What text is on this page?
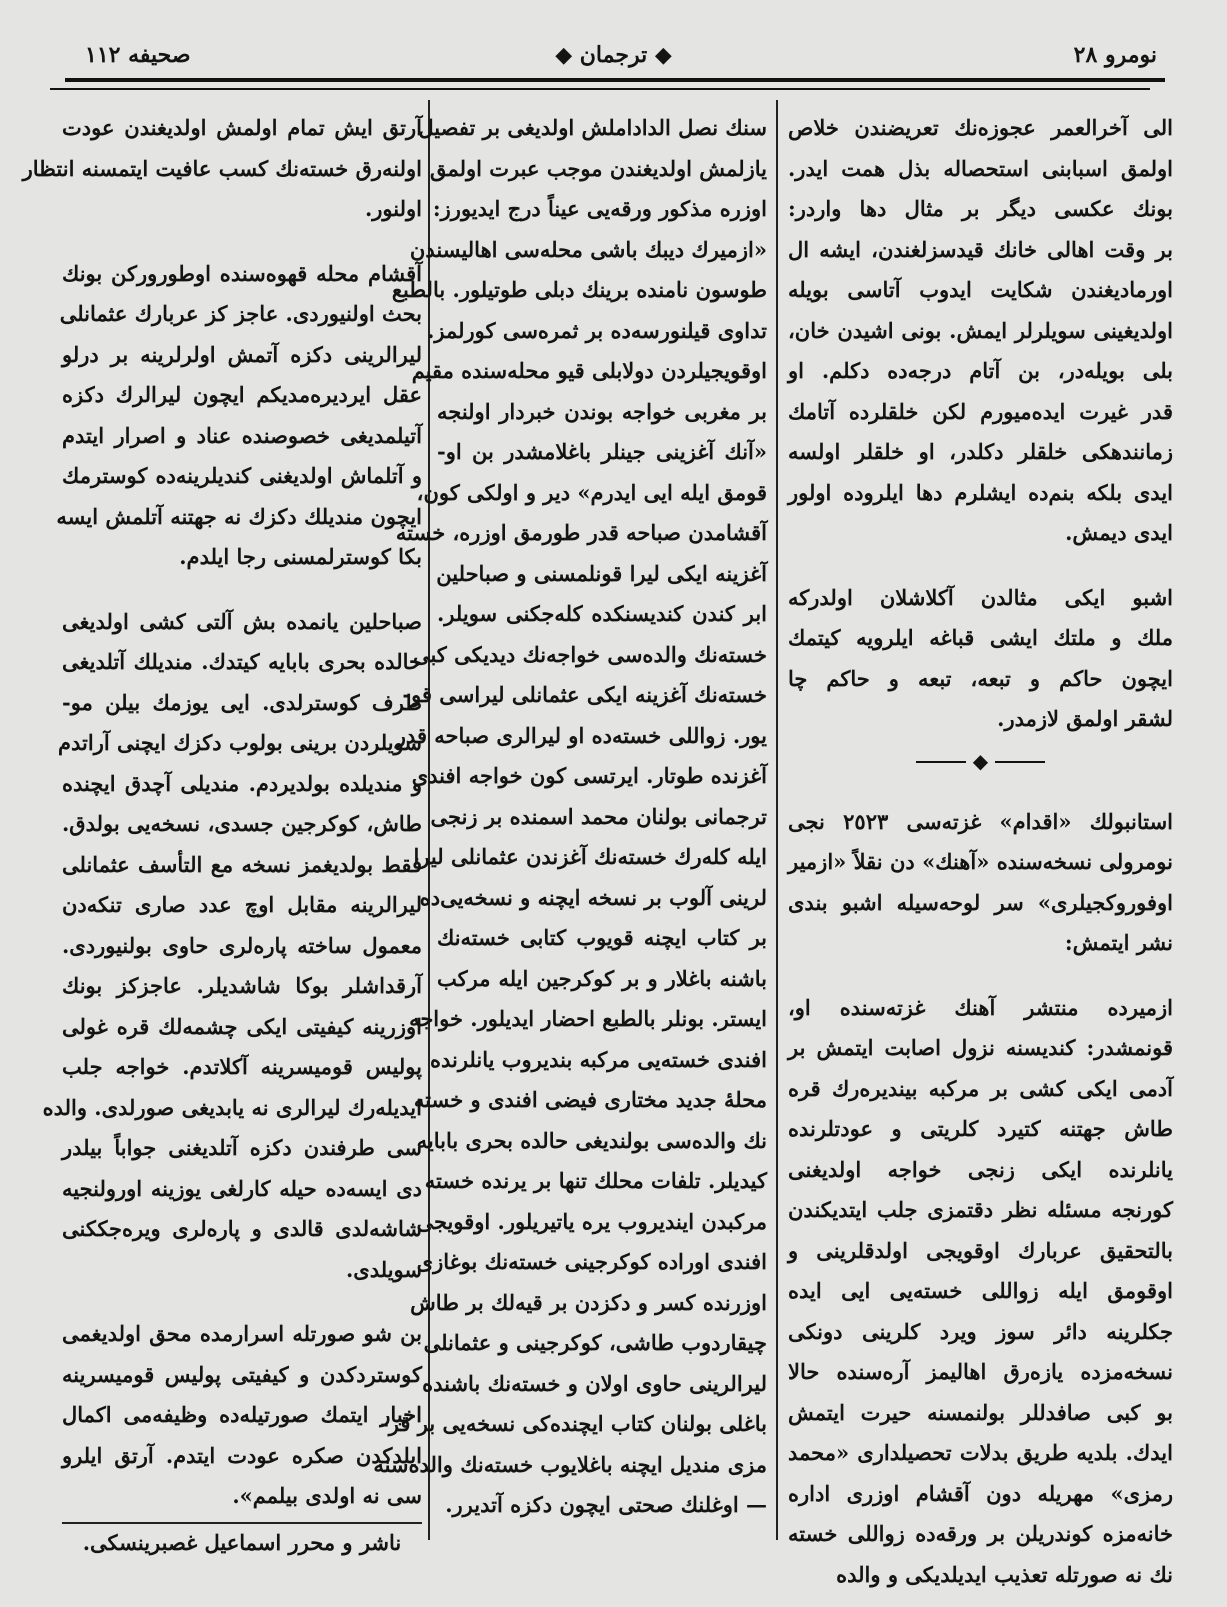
نومرو ٢٨
◆ ترجمان ◆
صحيفه ١١٢
الى آخرالعمر عجوزه‌نك تعريضندن خلاص
اولمق اسبابنى استحصاله بذل همت ايدر.
بونك عكسى ديگر بر مثال دها واردر:
بر وقت اهالى خانك قيدسزلغندن، ايشه ال
اورمادیغندن شكايت ايدوب آتاسى بويله
اولديغينى سويلرلر ايمش. بونى اشيدن خان،
بلى بويله‌در، بن آتام درجه‌ده دكلم. او
قدر غيرت ايده‌ميورم لكن خلقلرده آتامك
زمانندهكى خلقلر دكلدر، او خلقلر اولسه
ايدى بلكه بنم‌ده ايشلرم دها ايلروده اولور
ايدى ديمش.
اشبو ايكى مثالدن آكلاشلان اولدركه
ملك و ملتك ايشى قباغه ايلرويه كيتمك
ايچون حاكم و تبعه، تبعه و حاكم چا
لشقر اولمق لازمدر.
◆
استانبولك «اقدام» غزته‌سى ٢٥٢٣ نجى
نومرولى نسخه‌سنده «آهنك» دن نقلاً «ازمير
اوفوروكجيلرى» سر لوحه‌سيله اشبو بندى
نشر ايتمش:
ازميرده منتشر آهنك غزته‌سنده او،
قونمشدر: كنديسنه نزول اصابت ايتمش بر
آدمى ايكى كشى بر مركبه بينديره‌رك قره
طاش جهتنه كتيرد كلريتى و عودتلرنده
يانلرنده ايكى زنجى خواجه اولديغنى
كورنجه مسئله نظر دقتمزى جلب ايتديكندن
بالتحقيق عربارك اوقويجى اولدقلرينى و
اوقومق ايله زواللى خسته‌يى ايى ايده
جكلرينه دائر سوز ويرد كلرينى دونكى
نسخه‌مزده يازه‌رق اهاليمز آره‌سنده حالا
بو كبى صافدللر بولنمسنه حيرت ايتمش
ايدك. بلديه طريق بدلات تحصيلدارى «محمد
رمزى» مهريله دون آقشام اوزرى اداره
خانه‌مزه كوندريلن بر ورقه‌ده زواللى خسته
نك نه صورتله تعذيب ايديلديكى و والده
سنك نصل الداداملش اولديغى بر تفصيل
يازلمش اولديغندن موجب عبرت اولمق
اوزره مذكور ورقه‌يى عيناً درج ايديورز:
«ازميرك ديبك باشى محله‌سى اهاليسندن
طوسون نامنده برينك دبلى طوتيلور. بالطبع
تداوى قيلنورسه‌ده بر ثمره‌سى كورلمز.
اوقويجيلردن دولابلى قيو محله‌سنده مقيم
بر مغربى خواجه بوندن خبردار اولنجه
«آنك آغزينى جينلر باغلامشدر بن او-
قومق ايله ايى ايدرم» دير و اولكى كون،
آقشامدن صباحه قدر طورمق اوزره، خسته
آغزينه ايكى ليرا قونلمسنى و صباحلين
ابر كندن كنديسنكده كله‌جكنى سويلر.
خسته‌نك والده‌سى خواجه‌نك ديديكى كبى
خسته‌نك آغزينه ايكى عثمانلى ليراسى قو-
يور. زواللى خسته‌ده او ليرالرى صباحه قدر
آغزنده طوتار. ايرتسى كون خواجه افندى
ترجمانى بولنان محمد اسمنده بر زنجى
ايله كله‌رك خسته‌نك آغزندن عثمانلى ليرا
لرينى آلوب بر نسخه ايچنه و نسخه‌يى‌ده
بر كتاب ايچنه قويوب كتابى خسته‌نك
باشنه باغلار و بر كوكرجين ايله مركب
ايستر. بونلر بالطبع احضار ايديلور. خواجه
افندى خسته‌يى مركبه بنديروب يانلرنده
محله‌ٔ جديد مختارى فيضى افندى و خسته
نك والده‌سى بولنديغى حالده بحرى بابايه
كيديلر. تلفات محلك تنها بر يرنده خسته
مركبدن اينديروب يره ياتيريلور. اوقويجى
افندى اوراده كوكرجينى خسته‌نك بوغازى
اوزرنده كسر و دكزدن بر قيه‌لك بر طاش
چيقاردوب طاشى، كوكرجينى و عثمانلى
ليرالرينى حاوى اولان و خسته‌نك باشنده
باغلى بولنان كتاب ايچنده‌كى نسخه‌يى بر قر-
مزى منديل ايچنه باغلايوب خسته‌نك والده‌سنه
— اوغلنك صحتى ايچون دكزه آتديرر.
آرتق ايش تمام اولمش اولديغندن عودت
اولنه‌رق خسته‌نك كسب عافيت ايتمسنه انتظار
اولنور.
آقشام محله قهوه‌سنده اوطوروركن بونك
بحث اولنيوردى. عاجز كز عربارك عثمانلى
ليرالرينى دكزه آتمش اولرلرينه بر درلو
عقل ايرديره‌مديكم ايچون ليرالرك دكزه
آتيلمديغى خصوصنده عناد و اصرار ايتدم
و آتلماش اولديغنى كنديلرينه‌ده كوسترمك
ايچون منديلك دكزك نه جهتنه آتلمش ايسه
بكا كوسترلمسنى رجا ايلدم.
صباحلين يانمده بش آلتى كشى اولديغى
حالده بحرى بابايه كيتدك. منديلك آتلديغى
طرف كوسترلدى. ايى يوزمك بيلن مو-
سويلردن برينى بولوب دكزك ايچنى آراتدم
و منديلده بولديردم. منديلى آچدق ايچنده
طاش، كوكرجين جسدى، نسخه‌يى بولدق.
فقط بولديغمز نسخه مع التأسف عثمانلى
ليرالرينه مقابل اوچ عدد صارى تنكه‌دن
معمول ساخته پاره‌لرى حاوى بولنيوردى.
آرقداشلر بوكا شاشديلر. عاجزكز بونك
اوزرينه كيفيتى ايكى چشمه‌لك قره غولى
پوليس قوميسرينه آكلاتدم. خواجه جلب
ايديله‌رك ليرالرى نه يابديغى صورلدى. والده
سى طرفندن دكزه آتلديغنى جواباً بيلدر
دى ايسه‌ده حيله كارلغى يوزينه اورولنجيه
شاشه‌لدى قالدى و پاره‌لرى ويره‌جككنى
سويلدى.
بن شو صورتله اسرارمده محق اولديغمى
كوستردكدن و كيفيتى پوليس قوميسرينه
اخبار ايتمك صورتيله‌ده وظيفه‌مى اكمال
ايلدكدن صكره عودت ايتدم. آرتق ايلرو
سى نه اولدى بيلمم».
ناشر و محرر اسماعيل غصبرينسكى.
